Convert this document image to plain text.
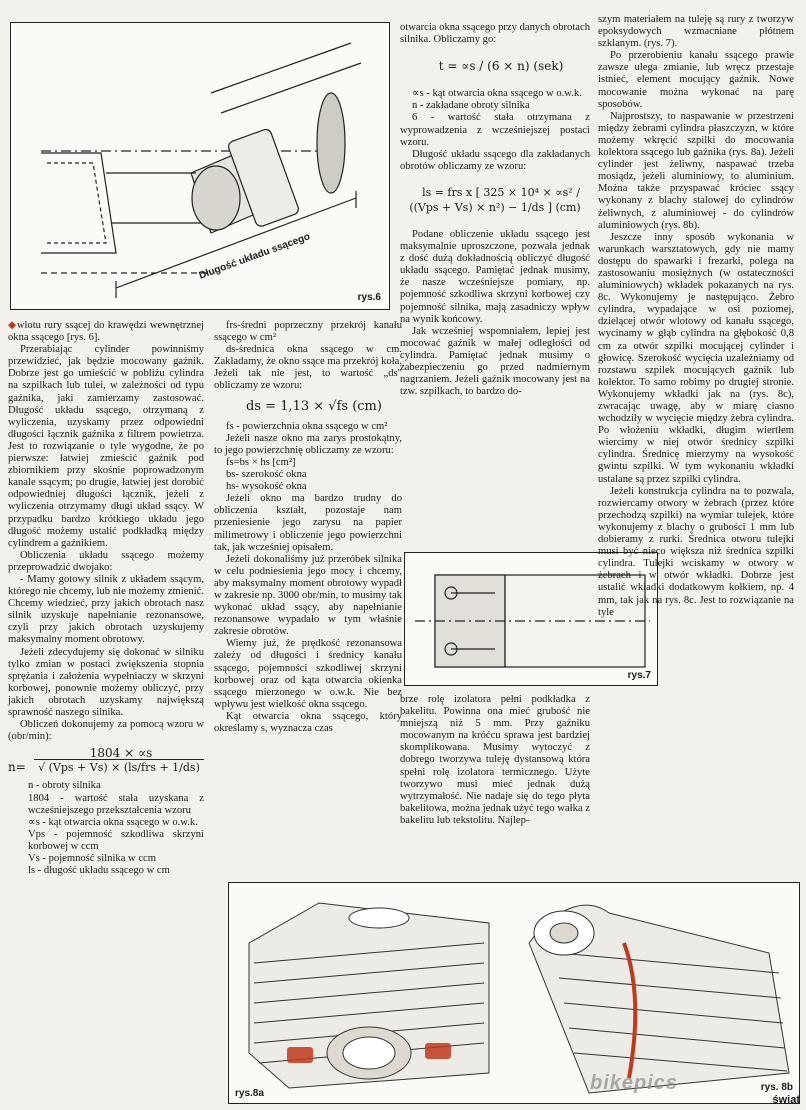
Długość układu ssącego
rys.6

◆wlotu rury ssącej do krawędzi wewnętrznej okna ssącego [rys. 6].

Przerabiając cylinder powinniśmy przewidzieć, jak będzie mocowany gaźnik. Dobrze jest go umieścić w pobliżu cylindra na szpilkach lub tulei, w zależności od typu gaźnika, jaki zamierzamy zastosować. Długość układu ssącego, otrzymaną z wyliczenia, uzyskamy przez odpowiedni długości łącznik gaźnika z filtrem powietrza. Jest to rozwiązanie o tyle wygodne, że po pierwsze: łatwiej zmieścić gaźnik pod zbiornikiem przy skośnie poprowadzonym kanale ssącym; po drugie, łatwiej jest dorobić odpowiedniej długości łącznik, jeżeli z wyliczenia otrzymamy długi układ ssący. W przypadku bardzo krótkiego układu jego długość możemy ustalić podkładką między cylindrem a gaźnikiem.

Obliczenia układu ssącego możemy przeprowadzić dwojako:

- Mamy gotowy silnik z układem ssącym, którego nie chcemy, lub nie możemy zmienić. Chcemy wiedzieć, przy jakich obrotach nasz silnik uzyskuje napełnianie rezonansowe, czyli przy jakich obrotach uzyskujemy maksymalny moment obrotowy.

Jeżeli zdecydujemy się dokonać w silniku tylko zmian w postaci zwiększenia stopnia sprężania i założenia wypełniaczy w skrzyni korbowej, ponownie możemy obliczyć, przy jakich obrotach uzyskamy największą sprawność naszego silnika.

Obliczeń dokonujemy za pomocą wzoru w (obr/min):

1804 × ∝s
n=	√ (Vps + Vs) × (ls/frs + 1/ds)

n - obroty silnika

1804 - wartość stała uzyskana z wcześniejszego przekształcenia wzoru

∝s - kąt otwarcia okna ssącego w o.w.k.

Vps - pojemność szkodliwa skrzyni korbowej w ccm

Vs - pojemność silnika w ccm

ls - długość układu ssącego w cm

frs-średni poprzeczny przekrój kanału ssącego w cm²

ds-średnica okna ssącego w cm. Zakładamy, że okno ssące ma przekrój koła. Jeżeli tak nie jest, to wartość „ds" obliczamy ze wzoru:

ds = 1,13 × √fs (cm)

fs - powierzchnia okna ssącego w cm²

Jeżeli nasze okno ma zarys prostokątny, to jego powierzchnię obliczamy ze wzoru:

fs=bs × hs [cm²]

bs- szerokość okna

hs- wysokość okna

Jeżeli okno ma bardzo trudny do obliczenia kształt, pozostaje nam przeniesienie jego zarysu na papier milimetrowy i obliczenie jego powierzchni tak, jak wcześniej opisałem.

Jeżeli dokonaliśmy już przeróbek silnika w celu podniesienia jego mocy i chcemy, aby maksymalny moment obrotowy wypadł w zakresie np. 3000 obr/min, to musimy tak wykonać układ ssący, aby napełnianie rezonansowe wypadało w tym właśnie zakresie obrotów.

Wiemy już, że prędkość rezonansowa zależy od długości i średnicy kanału ssącego, pojemności szkodliwej skrzyni korbowej oraz od kąta otwarcia okienka ssącego mierzonego w o.w.k. Nie bez wpływu jest wielkość okna ssącego.

Kąt otwarcia okna ssącego, który określamy s, wyznacza czas

otwarcia okna ssącego przy danych obrotach silnika. Obliczamy go:

t = ∝s / (6 × n) (sek)

∝s - kąt otwarcia okna ssącego w o.w.k.

n - zakładane obroty silnika

6 - wartość stała otrzymana z wyprowadzenia z wcześniejszej postaci wzoru.

Długość układu ssącego dla zakładanych obrotów obliczamy ze wzoru:

ls = frs x [ 325 × 10⁴ × ∝s² / ((Vps + Vs) × n²) − 1/ds ] (cm)

Podane obliczenie układu ssącego jest maksymalnie uproszczone, pozwala jednak z dość dużą dokładnością obliczyć długość układu ssącego. Pamiętać jednak musimy, że nasze wcześniejsze pomiary, np. pojemność szkodliwa skrzyni korbowej czy pojemność silnika, mają zasadniczy wpływ na wynik końcowy.

Jak wcześniej wspomniałem, lepiej jest mocować gaźnik w małej odległości od cylindra. Pamiętać jednak musimy o zabezpieczeniu go przed nadmiernym nagrzaniem. Jeżeli gaźnik mocowany jest na tzw. szpilkach, to bardzo do-

rys.7

brze rolę izolatora pełni podkładka z bakelitu. Powinna ona mieć grubość nie mniejszą niż 5 mm. Przy gaźniku mocowanym na króćcu sprawa jest bardziej skomplikowana. Musimy wytoczyć z dobrego tworzywa tuleję dystansową która spełni rolę izolatora termicznego. Użyte tworzywo musi mieć jednak dużą wytrzymałość. Nie nadaje się do tego płyta bakelitowa, można jednak użyć tego wałka z bakelitu lub tekstolitu. Najlep-

szym materiałem na tuleję są rury z tworzyw epoksydowych wzmacniane płótnem szklanym. (rys. 7).

Po przerobieniu kanału ssącego prawie zawsze ulega zmianie, lub wręcz przestaje istnieć, element mocujący gaźnik. Nowe mocowanie można wykonać na parę sposobów.

Najprostszy, to naspawanie w przestrzeni między żebrami cylindra płaszczyzn, w które możemy wkręcić szpilki do mocowania kolektora ssącego lub gaźnika (rys. 8a). Jeżeli cylinder jest żeliwny, naspawać trzeba mosiądz, jeżeli aluminiowy, to aluminium. Można także przyspawać króciec ssący wykonany z blachy stalowej do cylindrów żeliwnych, z aluminiowej - do cylindrów aluminiowych (rys. 8b).

Jeszcze inny sposób wykonania w warunkach warsztatowych, gdy nie mamy dostępu do spawarki i frezarki, polega na zastosowaniu mosiężnych (w ostateczności aluminiowych) wkładek pokazanych na rys. 8c. Wykonujemy je następująco. Żebro cylindra, wypadające w osi poziomej, dzielącej otwór wlotowy od kanału ssącego, wycinamy w głąb cylindra na głębokość 0,8 cm za otwór szpilki mocującej cylinder i głowicę. Szerokość wycięcia uzależniamy od rozstawu szpilek mocujących gaźnik lub kolektor. To samo robimy po drugiej stronie. Wykonujemy wkładki jak na (rys. 8c), zwracając uwagę, aby w miarę ciasno wchodziły w wycięcie między żebra cylindra. Po włożeniu wkładki, długim wiertłem wiercimy w niej otwór średnicy szpilki cylindra. Średnicę mierzymy na wysokość gwintu szpilki. W tym wykonaniu wkładki ustalane są przez szpilki cylindra.

Jeżeli konstrukcja cylindra na to pozwala, rozwiercamy otwory w żebrach (przez które przechodzą szpilki) na wymiar tulejek, które wykonujemy z blachy o grubości 1 mm lub dobieramy z rurki. Średnica otworu tulejki musi być nieco większa niż średnica szpilki cylindra. Tulejki wciskamy w otwory w żebrach i w otwór wkładki. Dobrze jest ustalić wkładki dodatkowym kołkiem, np. 4 mm, tak jak na rys. 8c. Jest to rozwiązanie na tyle

rys.8a
rys. 8b
bikepics
świat
